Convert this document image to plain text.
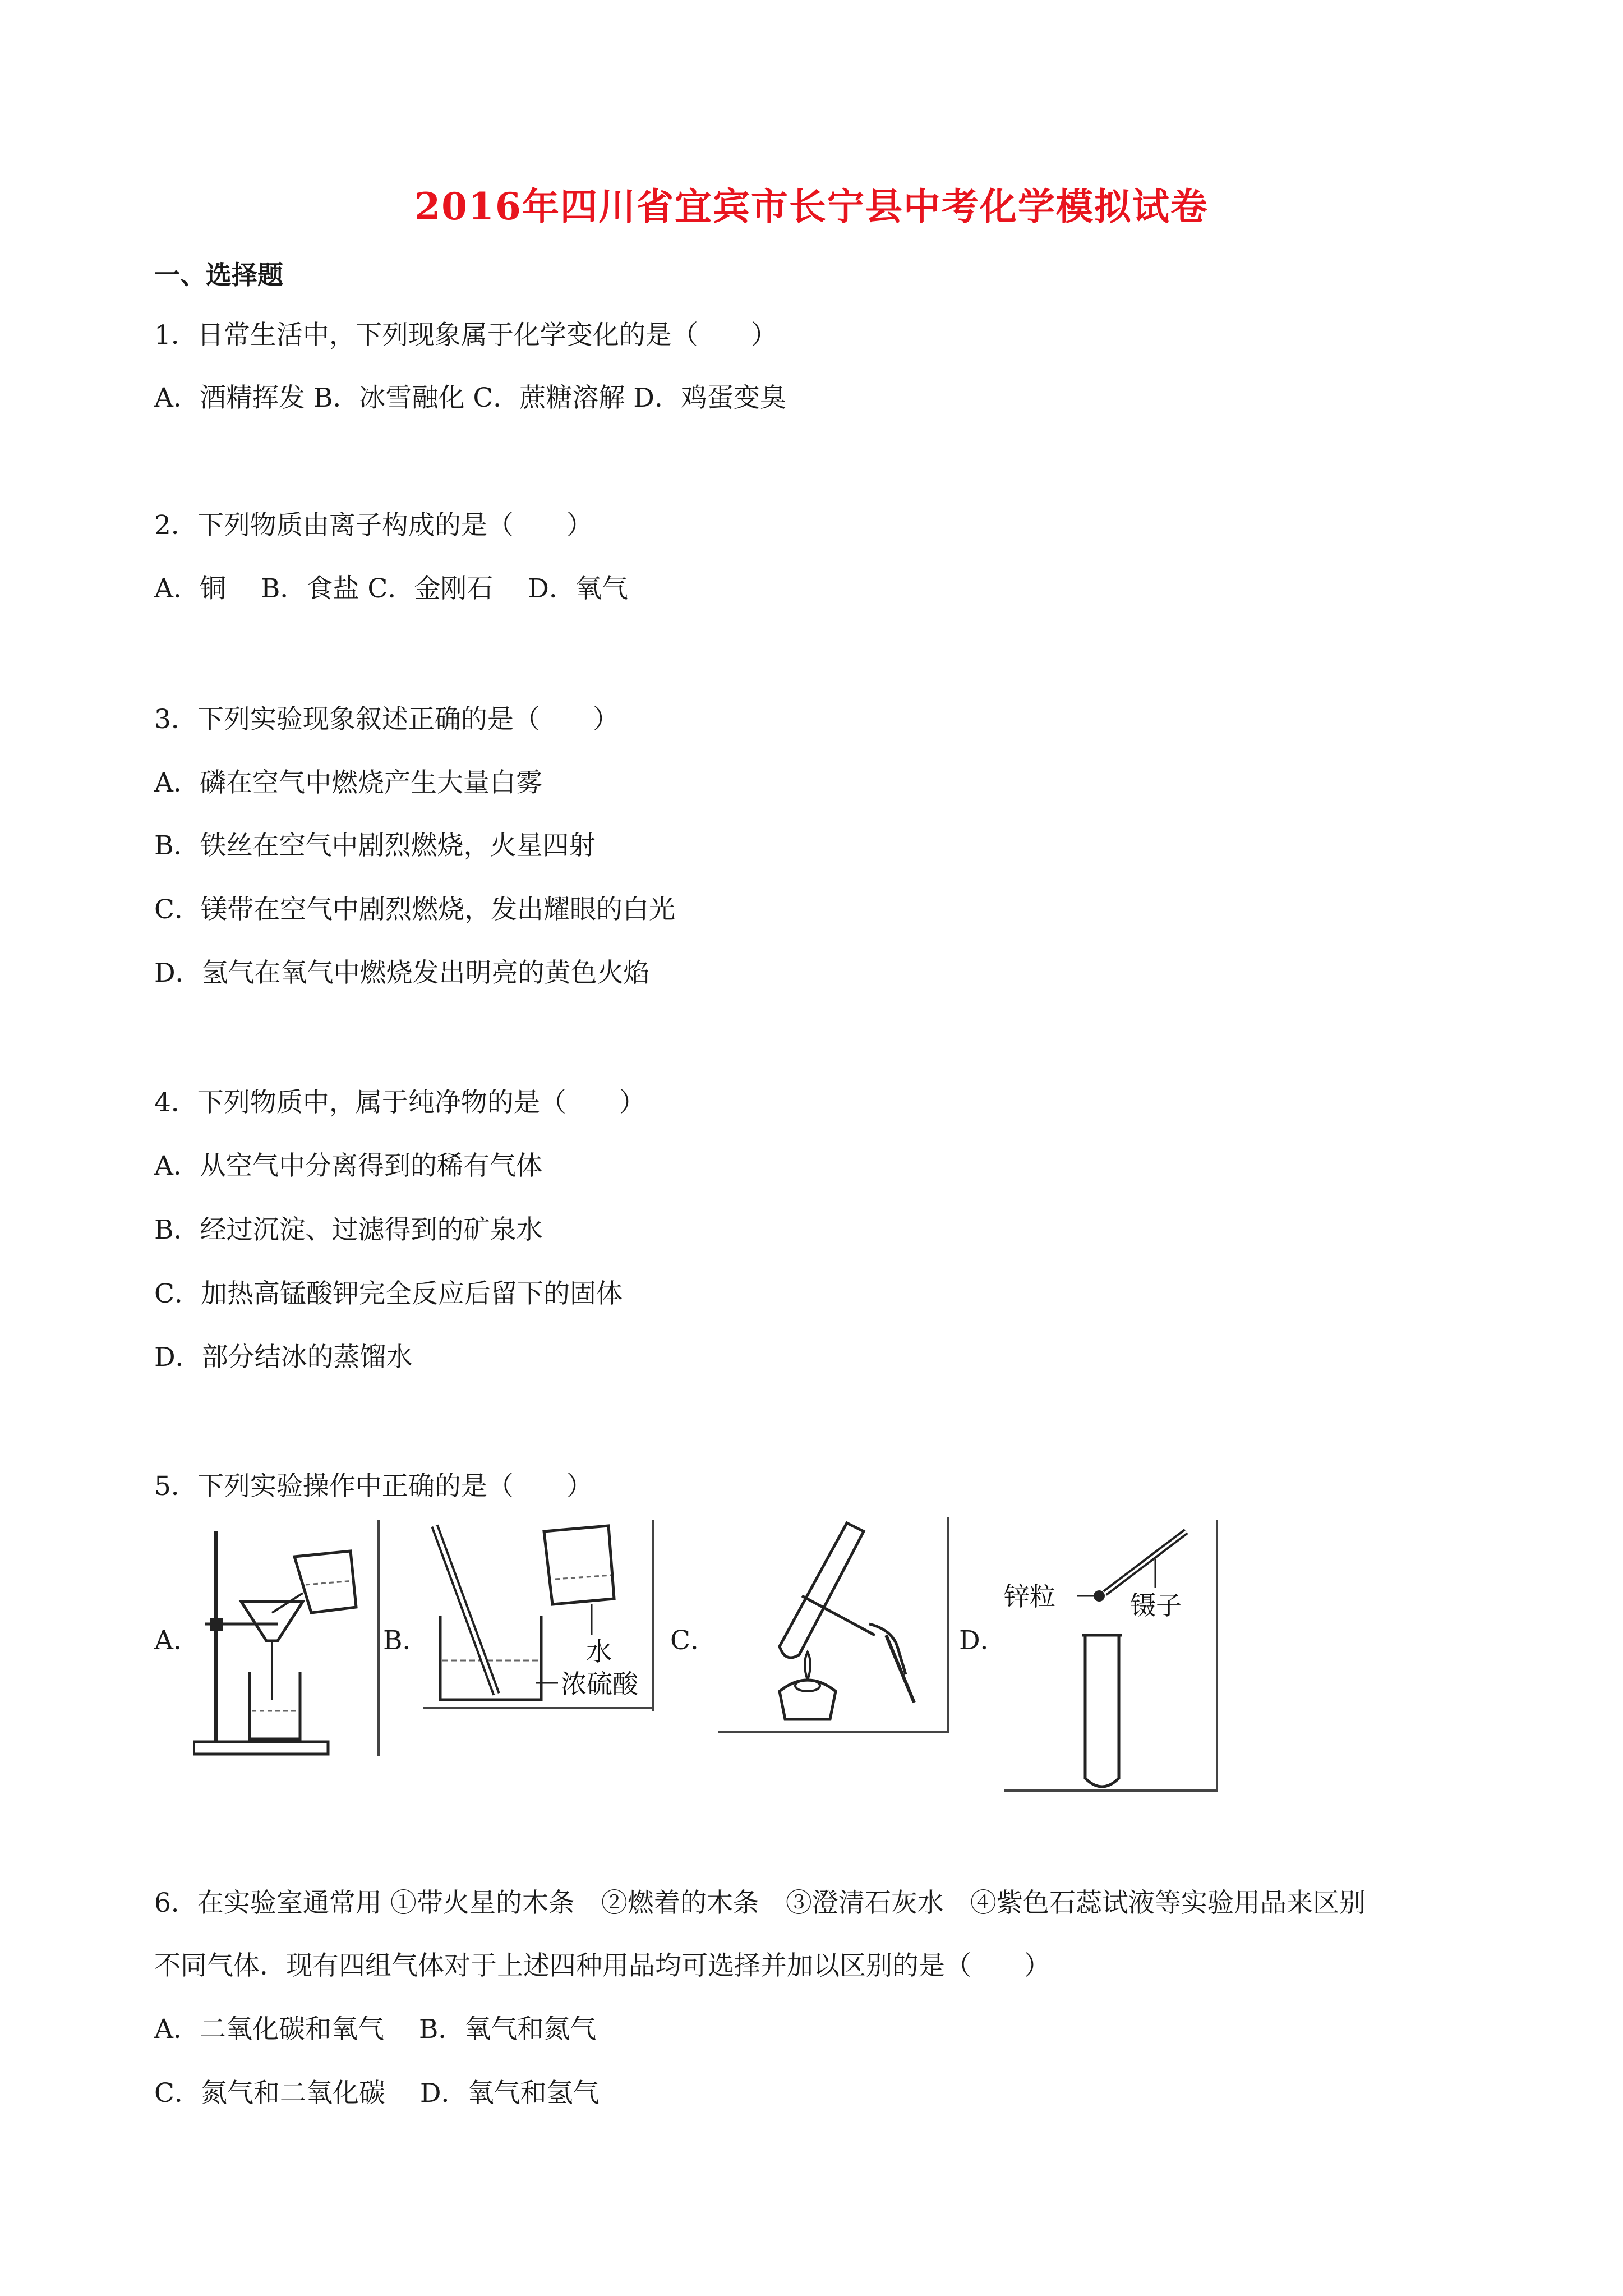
2016年四川省宜宾市长宁县中考化学模拟试卷
一、选择题
1．日常生活中，下列现象属于化学变化的是（　　）
A．酒精挥发 B．冰雪融化 C．蔗糖溶解 D．鸡蛋变臭
2．下列物质由离子构成的是（　　）
A．铜　 B．食盐 C．金刚石　 D．氧气
3．下列实验现象叙述正确的是（　　）
A．磷在空气中燃烧产生大量白雾
B．铁丝在空气中剧烈燃烧，火星四射
C．镁带在空气中剧烈燃烧，发出耀眼的白光
D．氢气在氧气中燃烧发出明亮的黄色火焰
4．下列物质中，属于纯净物的是（　　）
A．从空气中分离得到的稀有气体
B．经过沉淀、过滤得到的矿泉水
C．加热高锰酸钾完全反应后留下的固体
D．部分结冰的蒸馏水
5．下列实验操作中正确的是（　　）
A．	B．	C．	D．
水
浓硫酸
锌粒	镊子
6．在实验室通常用 ①带火星的木条　②燃着的木条　③澄清石灰水　④紫色石蕊试液等实验用品来区别
不同气体．现有四组气体对于上述四种用品均可选择并加以区别的是（　　）
A．二氧化碳和氧气　 B．氧气和氮气
C．氮气和二氧化碳　 D．氧气和氢气
